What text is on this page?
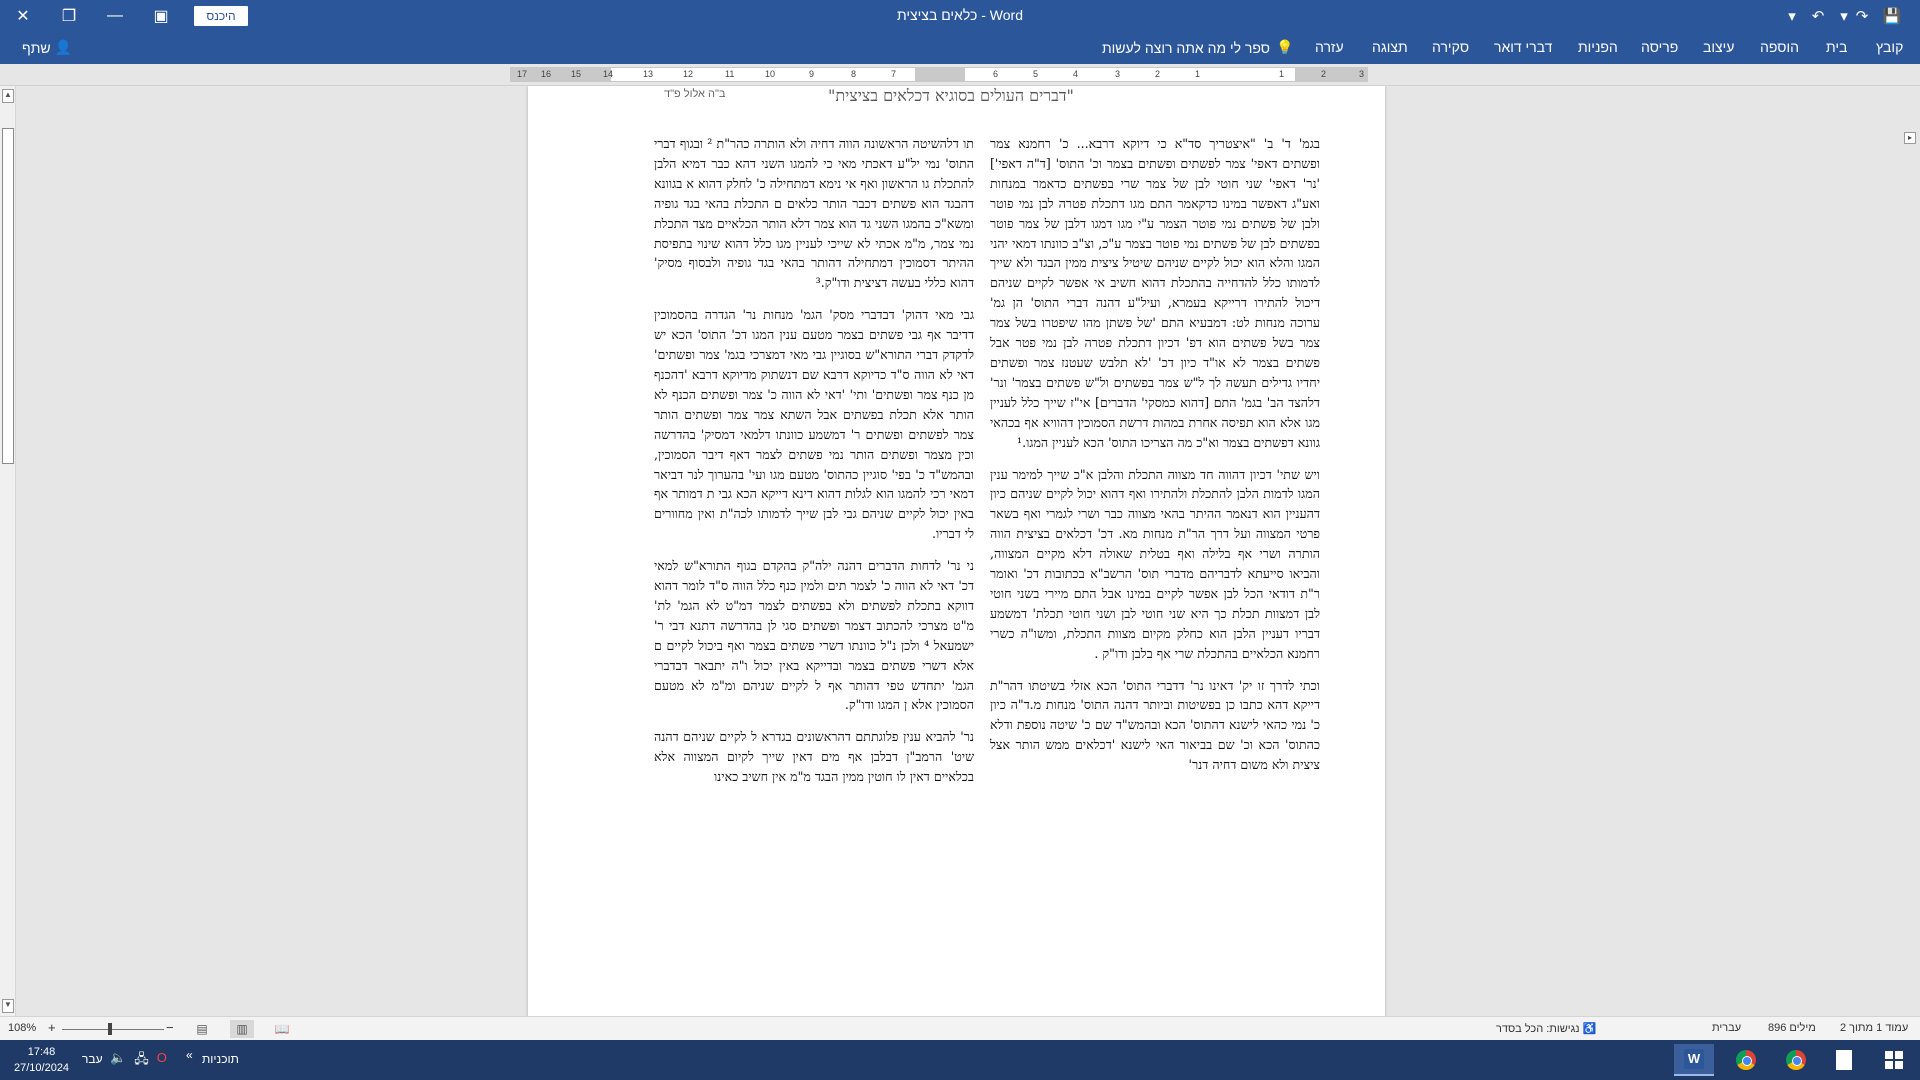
✕	❐	—	▣	היכנס	כלאים בציצית - Word	▾	↶	▾ ↷ 💾
שתף 👤	ספר לי מה אתה רוצה לעשות 💡 עזרה תצוגה סקירה דברי דואר הפניות פריסה עיצוב הוספה בית קובץ
3
2
1
1
2
3
4
5
6
7
8
9
10
11
12
13
14
15
16
17
▸
▲
▼
"דברים העולים בסוגיא דכלאים בציצית"
ב"ה אלול פ"ד

בגמ' ד' ב' "איצטריך סד"א כי דיוקא דרבא... כ' רחמנא צמר ופשתים דאפי' צמר לפשתים ופשתים בצמר וכ' התוס' [ד"ה דאפי'] 'נר' דאפי' שני חוטי לבן של צמר שרי בפשתים כדאמר במנחות ואע"ג דאפשר במינו כדקאמר התם מגו דתכלת פטרה לבן נמי פוטר ולבן של פשתים נמי פוטר הצמר ע"י מגו דמגו דלבן של צמר פוטר בפשתים לבן של פשתים נמי פוטר בצמר ע"כ, וצ"ב כוונתו דמאי יהני המגו והלא הוא יכול לקיים שניהם שיטיל ציצית ממין הבגד ולא שייך לדמותו כלל להדחייה בהתכלת דהוא חשיב אי אפשר לקיים שניהם דיכול להתירו דרייקא בעמרא, ועיל"ע דהנה דברי התוס' הן גמ' ערוכה מנחות לט: דמבעיא התם 'של פשתן מהו שיפטרו בשל צמר צמר בשל פשתים הוא דפ' דכיון דתכלת פטרה לבן נמי פטר אבל פשתים בצמר לא או"ד כיון דכ' 'לא תלבש שעטנז צמר ופשתים יחדיו גדילים תעשה לך ל"ש צמר בפשתים ול"ש פשתים בצמר' ונר' דלהצד הב' בגמ' התם [דהוא כמסקי' הדברים] אי"ז שייך כלל לעניין מגו אלא הוא תפיסה אחרת במהות דרשת הסמוכין דהוויא אף בכהאי גוונא דפשתים בצמר וא"כ מה הצריכו התוס' הכא לעניין המגו.¹

ויש שתי' דכיון דהווה חד מצווה התכלת והלבן א"כ שייך למימר ענין המגו לדמות הלבן להתכלת ולהתירו ואף דהוא יכול לקיים שניהם כיון דהעניין הוא דנאמר ההיתר בהאי מצווה כבר ושרי לגמרי ואף בשאר פרטי המצווה ועל דרך הר"ת מנחות מא. דכ' דכלאים בציצית הווה הותרה ושרי אף בלילה ואף בטלית שאולה דלא מקיים המצווה, והביאו סייעתא לדבריהם מדברי תוס' הרשב"א בכתובות דכ' ואומר ר"ת דודאי הכל לבן אפשר לקיים במינו אבל התם מיירי בשני חוטי לבן דמצוות תכלת כך היא שני חוטי לבן ושני חוטי תכלת' דמשמע דבריו דעניין הלבן הוא כחלק מקיום מצוות התכלת, ומשו"ה כשרי רחמנא הכלאיים בהתכלת שרי אף בלבן ודו"ק .

וכתי לדרך זו יק' דאינו נר' דדברי התוס' הכא אזלי בשיטתו דהר"ת דייקא דהא כתבו כן בפשיטות וביותר דהנה התוס' מנחות מ.ד"ה כיון כ' נמי כהאי לישנא דהתוס' הכא ובהמש"ד שם כ' שיטה נוספת ודלא כהתוס' הכא וכ' שם בביאור האי לישנא 'דכלאים ממש הותר אצל ציצית ולא משום דחיה דנר'

תו דלהשיטה הראשונה הווה דחיה ולא הותרה כהר"ת ² ובגוף דברי התוס' נמי יל"ע דאכתי מאי כי להמגו השני דהא כבר דמיא הלבן להתכלת גו הראשון ואף אי נימא דמתחילה כ' לחלק דהוא א בגוונא דהבגד הוא פשתים דכבר הותר כלאים ם התכלת בהאי בגד גופיה ומשא"כ בהמגו השני גד הוא צמר דלא הותר הכלאיים מצד התכלת נמי צמר, מ"מ אכתי לא שייכי לעניין מגו כלל דהוא שינוי בתפיסת ההיתר דסמוכין דמתחילה דהותר בהאי בגד גופיה ולבסוף מסיק' דהוא כללי בעשה דציצית ודו"ק.³

גבי מאי דהוק' דבדברי מסק' הגמ' מנחות נר' הגדרה בהסמוכין דדיבר אף גבי פשתים בצמר מטעם ענין המגו דכ' התוס' הכא יש לדקדק דברי התורא"ש בסוגיין גבי מאי דמצרכי בגמ' צמר ופשתים' דאי לא הווה ס"ד כדיוקא דרבא שם דנשתוק מדיוקא דרבא 'דהכנף מן כנף צמר ופשתים' ותי' 'דאי לא הווה כ' צמר ופשתים הכנף לא הותר אלא תכלת בפשתים אבל השתא צמר צמר ופשתים הותר צמר לפשתים ופשתים ר' דמשמע כוונתו דלמאי דמסיק' בהדרשה וכין מצמר ופשתים הותר נמי פשתים לצמר דאף דיבר הסמוכין, ובהמש"ד כ' בפי' סוגיין כהתוס' מטעם מגו ועי' בהערוך לנר דביאר דמאי רכי להמגו הוא לגלות דהוא דינא דייקא הכא גבי ת דמותר אף באין יכול לקיים שניהם גבי לבן שייך לדמותו לכה"ת ואין מחוורים לי דבריו.

ני נר' לדחות הדברים דהנה ילה"ק בהקדם בגוף התורא"ש למאי דכ' דאי לא הווה כ' לצמר תים ולמין כנף כלל הווה ס"ד לומר דהוא דווקא בתכלת לפשתים ולא בפשתים לצמר דמ"ט לא הגמ' לת' מ"ט מצרכי להכתוב דצמר ופשתים סגי לן בהדרשה דתנא דבי ר' ישמעאל ⁴ ולכן נ"ל כוונתו דשרי פשתים בצמר ואף ביכול לקיים ם אלא דשרי פשתים בצמר ובדייקא באין יכול ו"ה יתבאר דבדברי הגמ' יתחדש טפי דהותר אף ל לקיים שניהם ומ"מ לא מטעם הסמוכין אלא ן המגו ודו"ק.

נר' להביא ענין פלוגתתם דהראשונים בגדרא ל לקיים שניהם דהנה שיט' הרמב"ן דבלבן אף מים דאין שייך לקיום המצווה אלא בכלאיים דאין לו חוטין ממין הבגד מ"מ אין חשיב כאינו

108% +	−	▤	▥	📖	נגישות: הכל בסדר ♿	עברית 896 מילים עמוד 1 מתוך 2
17:48
27/10/2024
עבר 🔈 🖧 O « תוכניות	W
